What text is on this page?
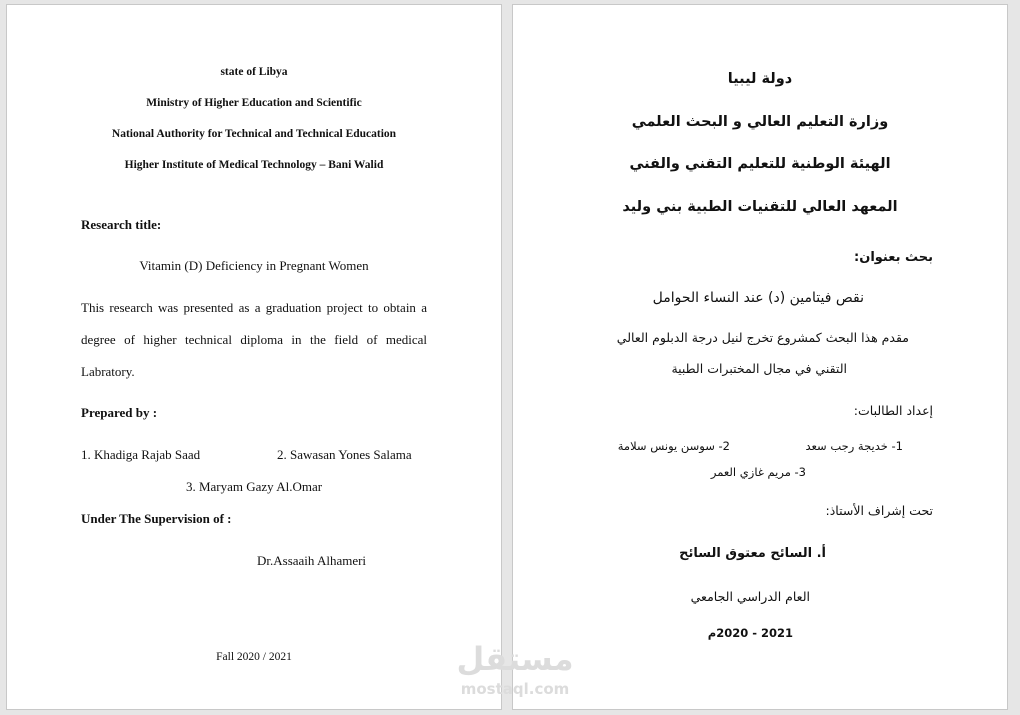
state of Libya
Ministry of Higher Education and Scientific
National Authority for Technical and Technical Education
Higher Institute of Medical Technology – Bani Walid
Research title:
Vitamin (D) Deficiency in Pregnant Women
This research was presented as a graduation project to obtain a degree of higher technical diploma in the field of medical Labratory.
Prepared by :
1. Khadiga Rajab Saad	2. Sawasan Yones Salama
3. Maryam Gazy Al.Omar
Under The Supervision of :
Dr.Assaaih Alhameri
Fall 2020 / 2021
دولة ليبيا
وزارة التعليم العالي و البحث العلمي
الهيئة الوطنية للتعليم التقني والفني
المعهد العالي للتقنيات الطبية بني وليد
بحث بعنوان:
نقص فيتامين (د) عند النساء الحوامل
مقدم هذا البحث كمشروع تخرج لنيل درجة الدبلوم العالي
التقني في مجال المختبرات الطبية
إعداد الطالبات:
1- خديجة رجب سعد
2- سوسن يونس سلامة
3- مريم غازي العمر
تحت إشراف الأستاذ:
أ. السائح معتوق السائح
العام الدراسي الجامعي
2021 - 2020م
مستقل
mostaql.com
